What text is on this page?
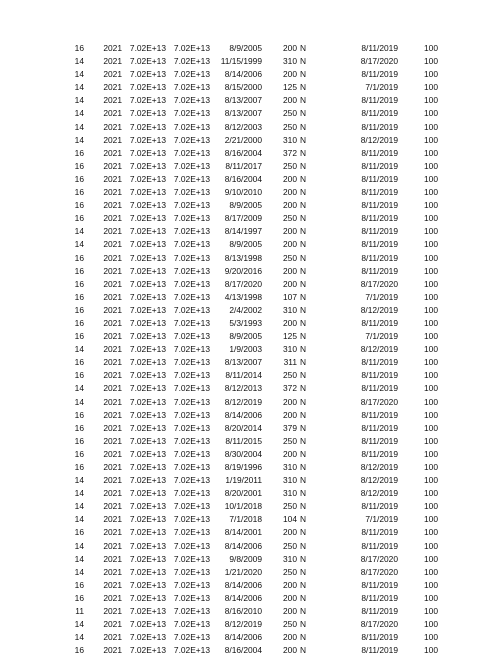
16	2021 7.02E+13 7.02E+13	8/9/2005	200 N	8/11/2019	100
14	2021 7.02E+13 7.02E+13	11/15/1999	310 N	8/17/2020	100
14	2021 7.02E+13 7.02E+13	8/14/2006	200 N	8/11/2019	100
14	2021 7.02E+13 7.02E+13	8/15/2000	125 N	7/1/2019	100
14	2021 7.02E+13 7.02E+13	8/13/2007	200 N	8/11/2019	100
14	2021 7.02E+13 7.02E+13	8/13/2007	250 N	8/11/2019	100
14	2021 7.02E+13 7.02E+13	8/12/2003	250 N	8/11/2019	100
14	2021 7.02E+13 7.02E+13	2/21/2000	310 N	8/12/2019	100
16	2021 7.02E+13 7.02E+13	8/16/2004	372 N	8/11/2019	100
16	2021 7.02E+13 7.02E+13	8/11/2017	250 N	8/11/2019	100
16	2021 7.02E+13 7.02E+13	8/16/2004	200 N	8/11/2019	100
16	2021 7.02E+13 7.02E+13	9/10/2010	200 N	8/11/2019	100
16	2021 7.02E+13 7.02E+13	8/9/2005	200 N	8/11/2019	100
16	2021 7.02E+13 7.02E+13	8/17/2009	250 N	8/11/2019	100
14	2021 7.02E+13 7.02E+13	8/14/1997	200 N	8/11/2019	100
14	2021 7.02E+13 7.02E+13	8/9/2005	200 N	8/11/2019	100
16	2021 7.02E+13 7.02E+13	8/13/1998	250 N	8/11/2019	100
16	2021 7.02E+13 7.02E+13	9/20/2016	200 N	8/11/2019	100
16	2021 7.02E+13 7.02E+13	8/17/2020	200 N	8/17/2020	100
16	2021 7.02E+13 7.02E+13	4/13/1998	107 N	7/1/2019	100
16	2021 7.02E+13 7.02E+13	2/4/2002	310 N	8/12/2019	100
16	2021 7.02E+13 7.02E+13	5/3/1993	200 N	8/11/2019	100
16	2021 7.02E+13 7.02E+13	8/9/2005	125 N	7/1/2019	100
14	2021 7.02E+13 7.02E+13	1/9/2003	310 N	8/12/2019	100
16	2021 7.02E+13 7.02E+13	8/13/2007	311 N	8/11/2019	100
16	2021 7.02E+13 7.02E+13	8/11/2014	250 N	8/11/2019	100
14	2021 7.02E+13 7.02E+13	8/12/2013	372 N	8/11/2019	100
14	2021 7.02E+13 7.02E+13	8/12/2019	200 N	8/17/2020	100
16	2021 7.02E+13 7.02E+13	8/14/2006	200 N	8/11/2019	100
16	2021 7.02E+13 7.02E+13	8/20/2014	379 N	8/11/2019	100
16	2021 7.02E+13 7.02E+13	8/11/2015	250 N	8/11/2019	100
16	2021 7.02E+13 7.02E+13	8/30/2004	200 N	8/11/2019	100
16	2021 7.02E+13 7.02E+13	8/19/1996	310 N	8/12/2019	100
14	2021 7.02E+13 7.02E+13	1/19/2011	310 N	8/12/2019	100
14	2021 7.02E+13 7.02E+13	8/20/2001	310 N	8/12/2019	100
14	2021 7.02E+13 7.02E+13	10/1/2018	250 N	8/11/2019	100
14	2021 7.02E+13 7.02E+13	7/1/2018	104 N	7/1/2019	100
16	2021 7.02E+13 7.02E+13	8/14/2001	200 N	8/11/2019	100
14	2021 7.02E+13 7.02E+13	8/14/2006	250 N	8/11/2019	100
14	2021 7.02E+13 7.02E+13	9/8/2009	310 N	8/17/2020	100
14	2021 7.02E+13 7.02E+13	1/21/2020	250 N	8/17/2020	100
16	2021 7.02E+13 7.02E+13	8/14/2006	200 N	8/11/2019	100
16	2021 7.02E+13 7.02E+13	8/14/2006	200 N	8/11/2019	100
11	2021 7.02E+13 7.02E+13	8/16/2010	200 N	8/11/2019	100
14	2021 7.02E+13 7.02E+13	8/12/2019	250 N	8/17/2020	100
14	2021 7.02E+13 7.02E+13	8/14/2006	200 N	8/11/2019	100
16	2021 7.02E+13 7.02E+13	8/16/2004	200 N	8/11/2019	100
